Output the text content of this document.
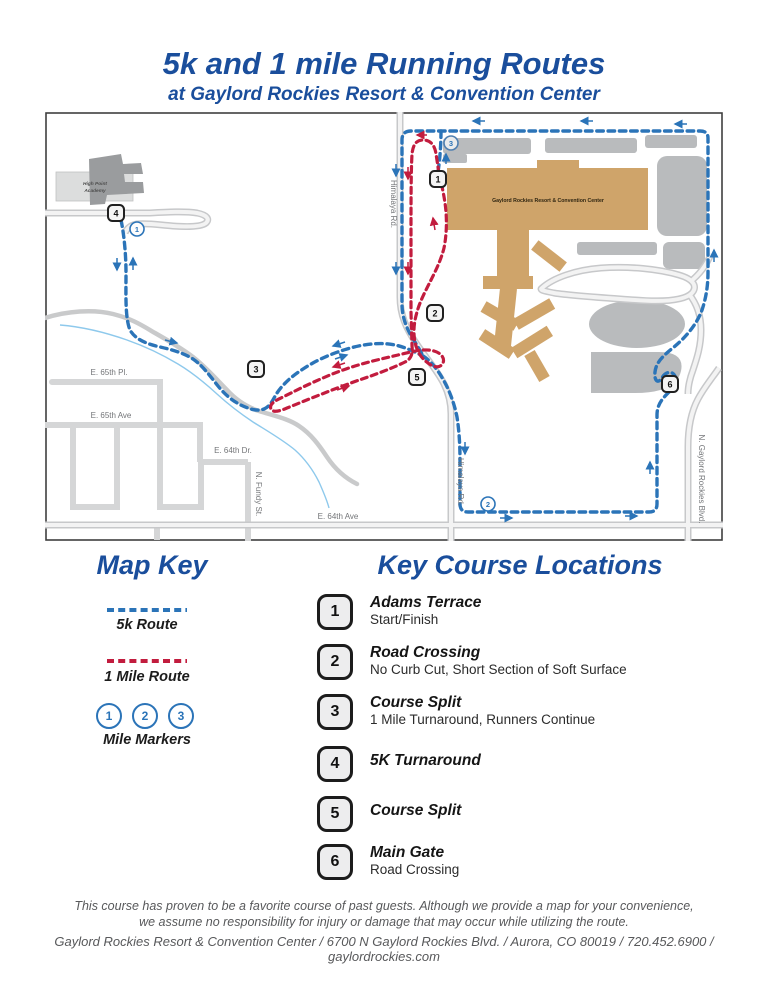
5k and 1 mile Running Routes
at Gaylord Rockies Resort & Convention Center
High Point
Academy
Gaylord Rockies Resort & Convention Center
E. 65th Pl.
E. 65th Ave
E. 64th Dr.
N. Fundy St.
E. 64th Ave
Himalaya Rd.
Himalaya Rd.	N. Gaylord Rockies Blvd.
1
2
3
4
5
6
1
2
3
Map Key
5k Route
1 Mile Route
1	2	3
Mile Markers
Key Course Locations
1
Adams Terrace
Start/Finish
2
Road Crossing
No Curb Cut, Short Section of Soft Surface
3
Course Split
1 Mile Turnaround, Runners Continue
4	5K Turnaround
5	Course Split
6
Main Gate
Road Crossing
This course has proven to be a favorite course of past guests. Although we provide a map for your convenience,
we assume no responsibility for injury or damage that may occur while utilizing the route.
Gaylord Rockies Resort & Convention Center / 6700 N Gaylord Rockies Blvd. / Aurora, CO 80019 / 720.452.6900 / gaylordrockies.com
